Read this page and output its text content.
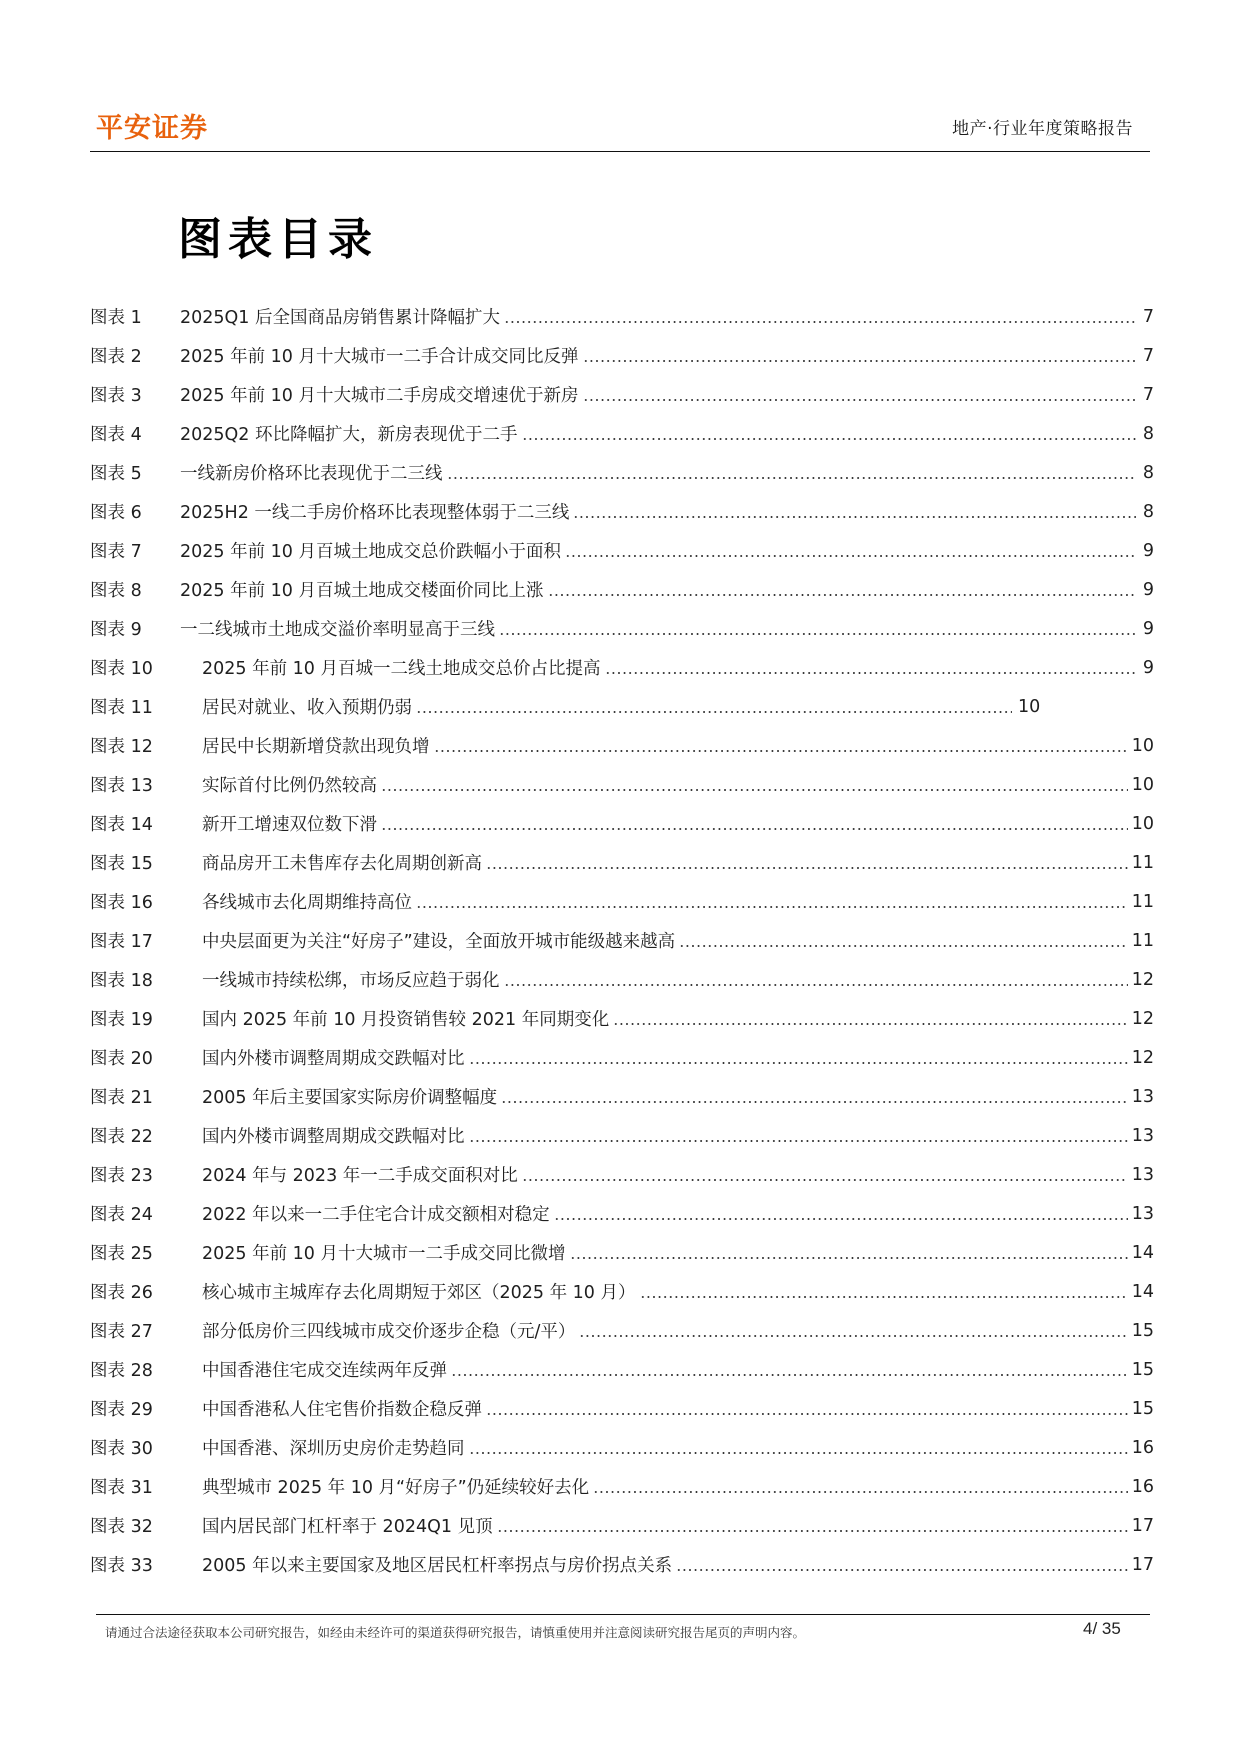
平安证券	地产·行业年度策略报告
图表目录
图表 1	2025Q1 后全国商品房销售累计降幅扩大	7
图表 2	2025 年前 10 月十大城市一二手合计成交同比反弹	7
图表 3	2025 年前 10 月十大城市二手房成交增速优于新房	7
图表 4	2025Q2 环比降幅扩大，新房表现优于二手	8
图表 5	一线新房价格环比表现优于二三线	8
图表 6	2025H2 一线二手房价格环比表现整体弱于二三线	8
图表 7	2025 年前 10 月百城土地成交总价跌幅小于面积	9
图表 8	2025 年前 10 月百城土地成交楼面价同比上涨	9
图表 9	一二线城市土地成交溢价率明显高于三线	9
图表 10	2025 年前 10 月百城一二线土地成交总价占比提高	9
图表 11	居民对就业、收入预期仍弱	10
图表 12	居民中长期新增贷款出现负增	10
图表 13	实际首付比例仍然较高	10
图表 14	新开工增速双位数下滑	10
图表 15	商品房开工未售库存去化周期创新高	11
图表 16	各线城市去化周期维持高位	11
图表 17	中央层面更为关注“好房子”建设，全面放开城市能级越来越高	11
图表 18	一线城市持续松绑，市场反应趋于弱化	12
图表 19	国内 2025 年前 10 月投资销售较 2021 年同期变化	12
图表 20	国内外楼市调整周期成交跌幅对比	12
图表 21	2005 年后主要国家实际房价调整幅度	13
图表 22	国内外楼市调整周期成交跌幅对比	13
图表 23	2024 年与 2023 年一二手成交面积对比	13
图表 24	2022 年以来一二手住宅合计成交额相对稳定	13
图表 25	2025 年前 10 月十大城市一二手成交同比微增	14
图表 26	核心城市主城库存去化周期短于郊区（2025 年 10 月）	14
图表 27	部分低房价三四线城市成交价逐步企稳（元/平）	15
图表 28	中国香港住宅成交连续两年反弹	15
图表 29	中国香港私人住宅售价指数企稳反弹	15
图表 30	中国香港、深圳历史房价走势趋同	16
图表 31	典型城市 2025 年 10 月“好房子”仍延续较好去化	16
图表 32	国内居民部门杠杆率于 2024Q1 见顶	17
图表 33	2005 年以来主要国家及地区居民杠杆率拐点与房价拐点关系	17
请通过合法途径获取本公司研究报告，如经由未经许可的渠道获得研究报告，请慎重使用并注意阅读研究报告尾页的声明内容。	4/ 35
